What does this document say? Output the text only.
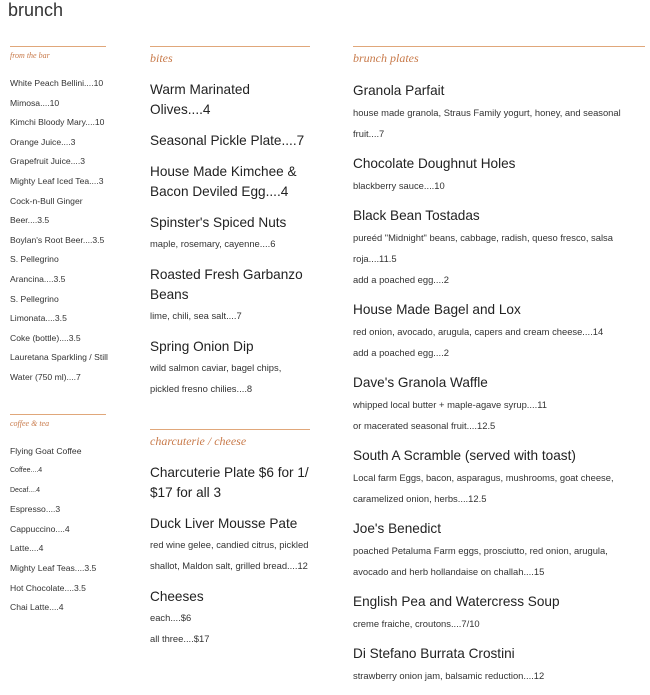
brunch
from the bar
White Peach Bellini....10
Mimosa....10
Kimchi Bloody Mary....10
Orange Juice....3
Grapefruit Juice....3
Mighty Leaf Iced Tea....3
Cock-n-Bull Ginger
Beer....3.5
Boylan's Root Beer....3.5
S. Pellegrino
Arancina....3.5
S. Pellegrino
Limonata....3.5
Coke (bottle)....3.5
Lauretana Sparkling / Still
Water (750 ml)....7
coffee & tea
Flying Goat Coffee
Coffee....4
Decaf....4
Espresso....3
Cappuccino....4
Latte....4
Mighty Leaf Teas....3.5
Hot Chocolate....3.5
Chai Latte....4
bites
Warm Marinated Olives....4
Seasonal Pickle Plate....7
House Made Kimchee & Bacon Deviled Egg....4
Spinster's Spiced Nuts
maple, rosemary, cayenne....6
Roasted Fresh Garbanzo Beans
lime, chili, sea salt....7
Spring Onion Dip
wild salmon caviar, bagel chips, pickled fresno chilies....8
charcuterie / cheese
Charcuterie Plate $6 for 1/ $17 for all 3
Duck Liver Mousse Pate
red wine gelee, candied citrus, pickled shallot, Maldon salt, grilled bread....12
Cheeses
each....$6
all three....$17
brunch plates
Granola Parfait
house made granola, Straus Family yogurt, honey, and seasonal fruit....7
Chocolate Doughnut Holes
blackberry sauce....10
Black Bean Tostadas
pureéd "Midnight" beans, cabbage, radish, queso fresco, salsa roja....11.5
add a poached egg....2
House Made Bagel and Lox
red onion, avocado, arugula, capers and cream cheese....14
add a poached egg....2
Dave's Granola Waffle
whipped local butter + maple-agave syrup....11
or macerated seasonal fruit....12.5
South A Scramble (served with toast)
Local farm Eggs, bacon, asparagus, mushrooms, goat cheese, caramelized onion, herbs....12.5
Joe's Benedict
poached Petaluma Farm eggs, prosciutto, red onion, arugula, avocado and herb hollandaise on challah....15
English Pea and Watercress Soup
creme fraiche, croutons....7/10
Di Stefano Burrata Crostini
strawberry onion jam, balsamic reduction....12
